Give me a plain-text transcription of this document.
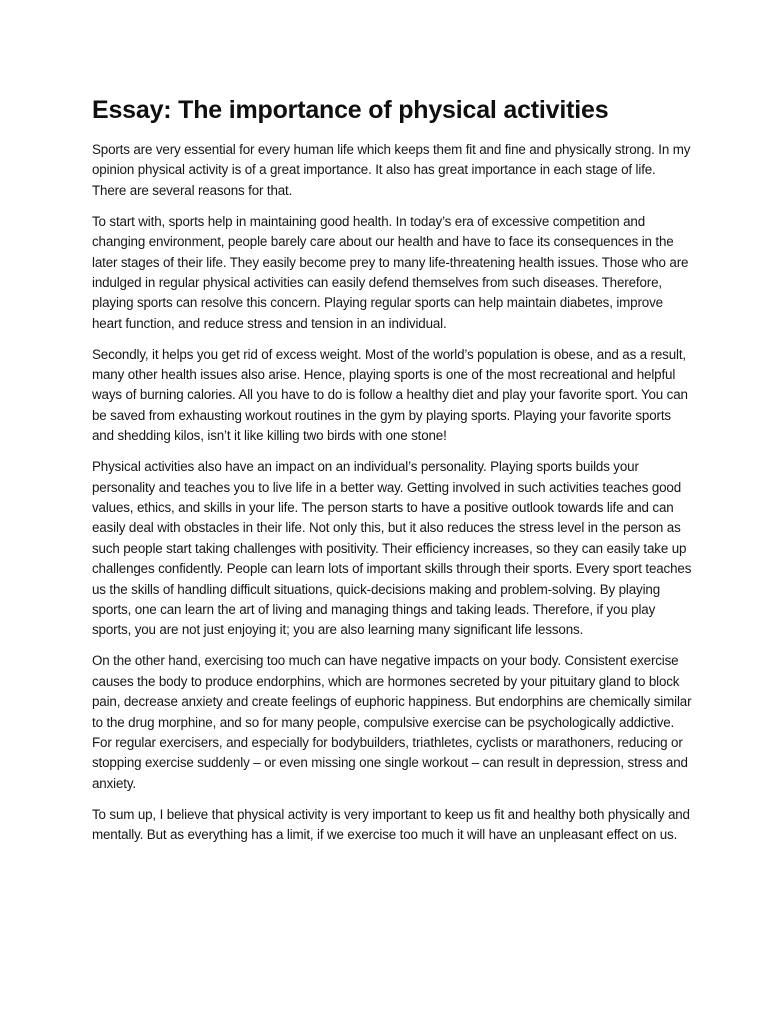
Essay: The importance of physical activities

Sports are very essential for every human life which keeps them fit and fine and physically strong. In my opinion physical activity is of a great importance. It also has great importance in each stage of life. There are several reasons for that.

To start with, sports help in maintaining good health. In today’s era of excessive competition and changing environment, people barely care about our health and have to face its consequences in the later stages of their life. They easily become prey to many life-threatening health issues. Those who are indulged in regular physical activities can easily defend themselves from such diseases. Therefore, playing sports can resolve this concern. Playing regular sports can help maintain diabetes, improve heart function, and reduce stress and tension in an individual.

Secondly, it helps you get rid of excess weight. Most of the world’s population is obese, and as a result, many other health issues also arise. Hence, playing sports is one of the most recreational and helpful ways of burning calories. All you have to do is follow a healthy diet and play your favorite sport. You can be saved from exhausting workout routines in the gym by playing sports. Playing your favorite sports and shedding kilos, isn’t it like killing two birds with one stone!

Physical activities also have an impact on an individual’s personality. Playing sports builds your personality and teaches you to live life in a better way. Getting involved in such activities teaches good values, ethics, and skills in your life. The person starts to have a positive outlook towards life and can easily deal with obstacles in their life. Not only this, but it also reduces the stress level in the person as such people start taking challenges with positivity. Their efficiency increases, so they can easily take up challenges confidently. People can learn lots of important skills through their sports. Every sport teaches us the skills of handling difficult situations, quick-decisions making and problem-solving. By playing sports, one can learn the art of living and managing things and taking leads. Therefore, if you play sports, you are not just enjoying it; you are also learning many significant life lessons.

On the other hand, exercising too much can have negative impacts on your body. Consistent exercise causes the body to produce endorphins, which are hormones secreted by your pituitary gland to block pain, decrease anxiety and create feelings of euphoric happiness. But endorphins are chemically similar to the drug morphine, and so for many people, compulsive exercise can be psychologically addictive. For regular exercisers, and especially for bodybuilders, triathletes, cyclists or marathoners, reducing or stopping exercise suddenly – or even missing one single workout – can result in depression, stress and anxiety.

To sum up, I believe that physical activity is very important to keep us fit and healthy both physically and mentally. But as everything has a limit, if we exercise too much it will have an unpleasant effect on us.
